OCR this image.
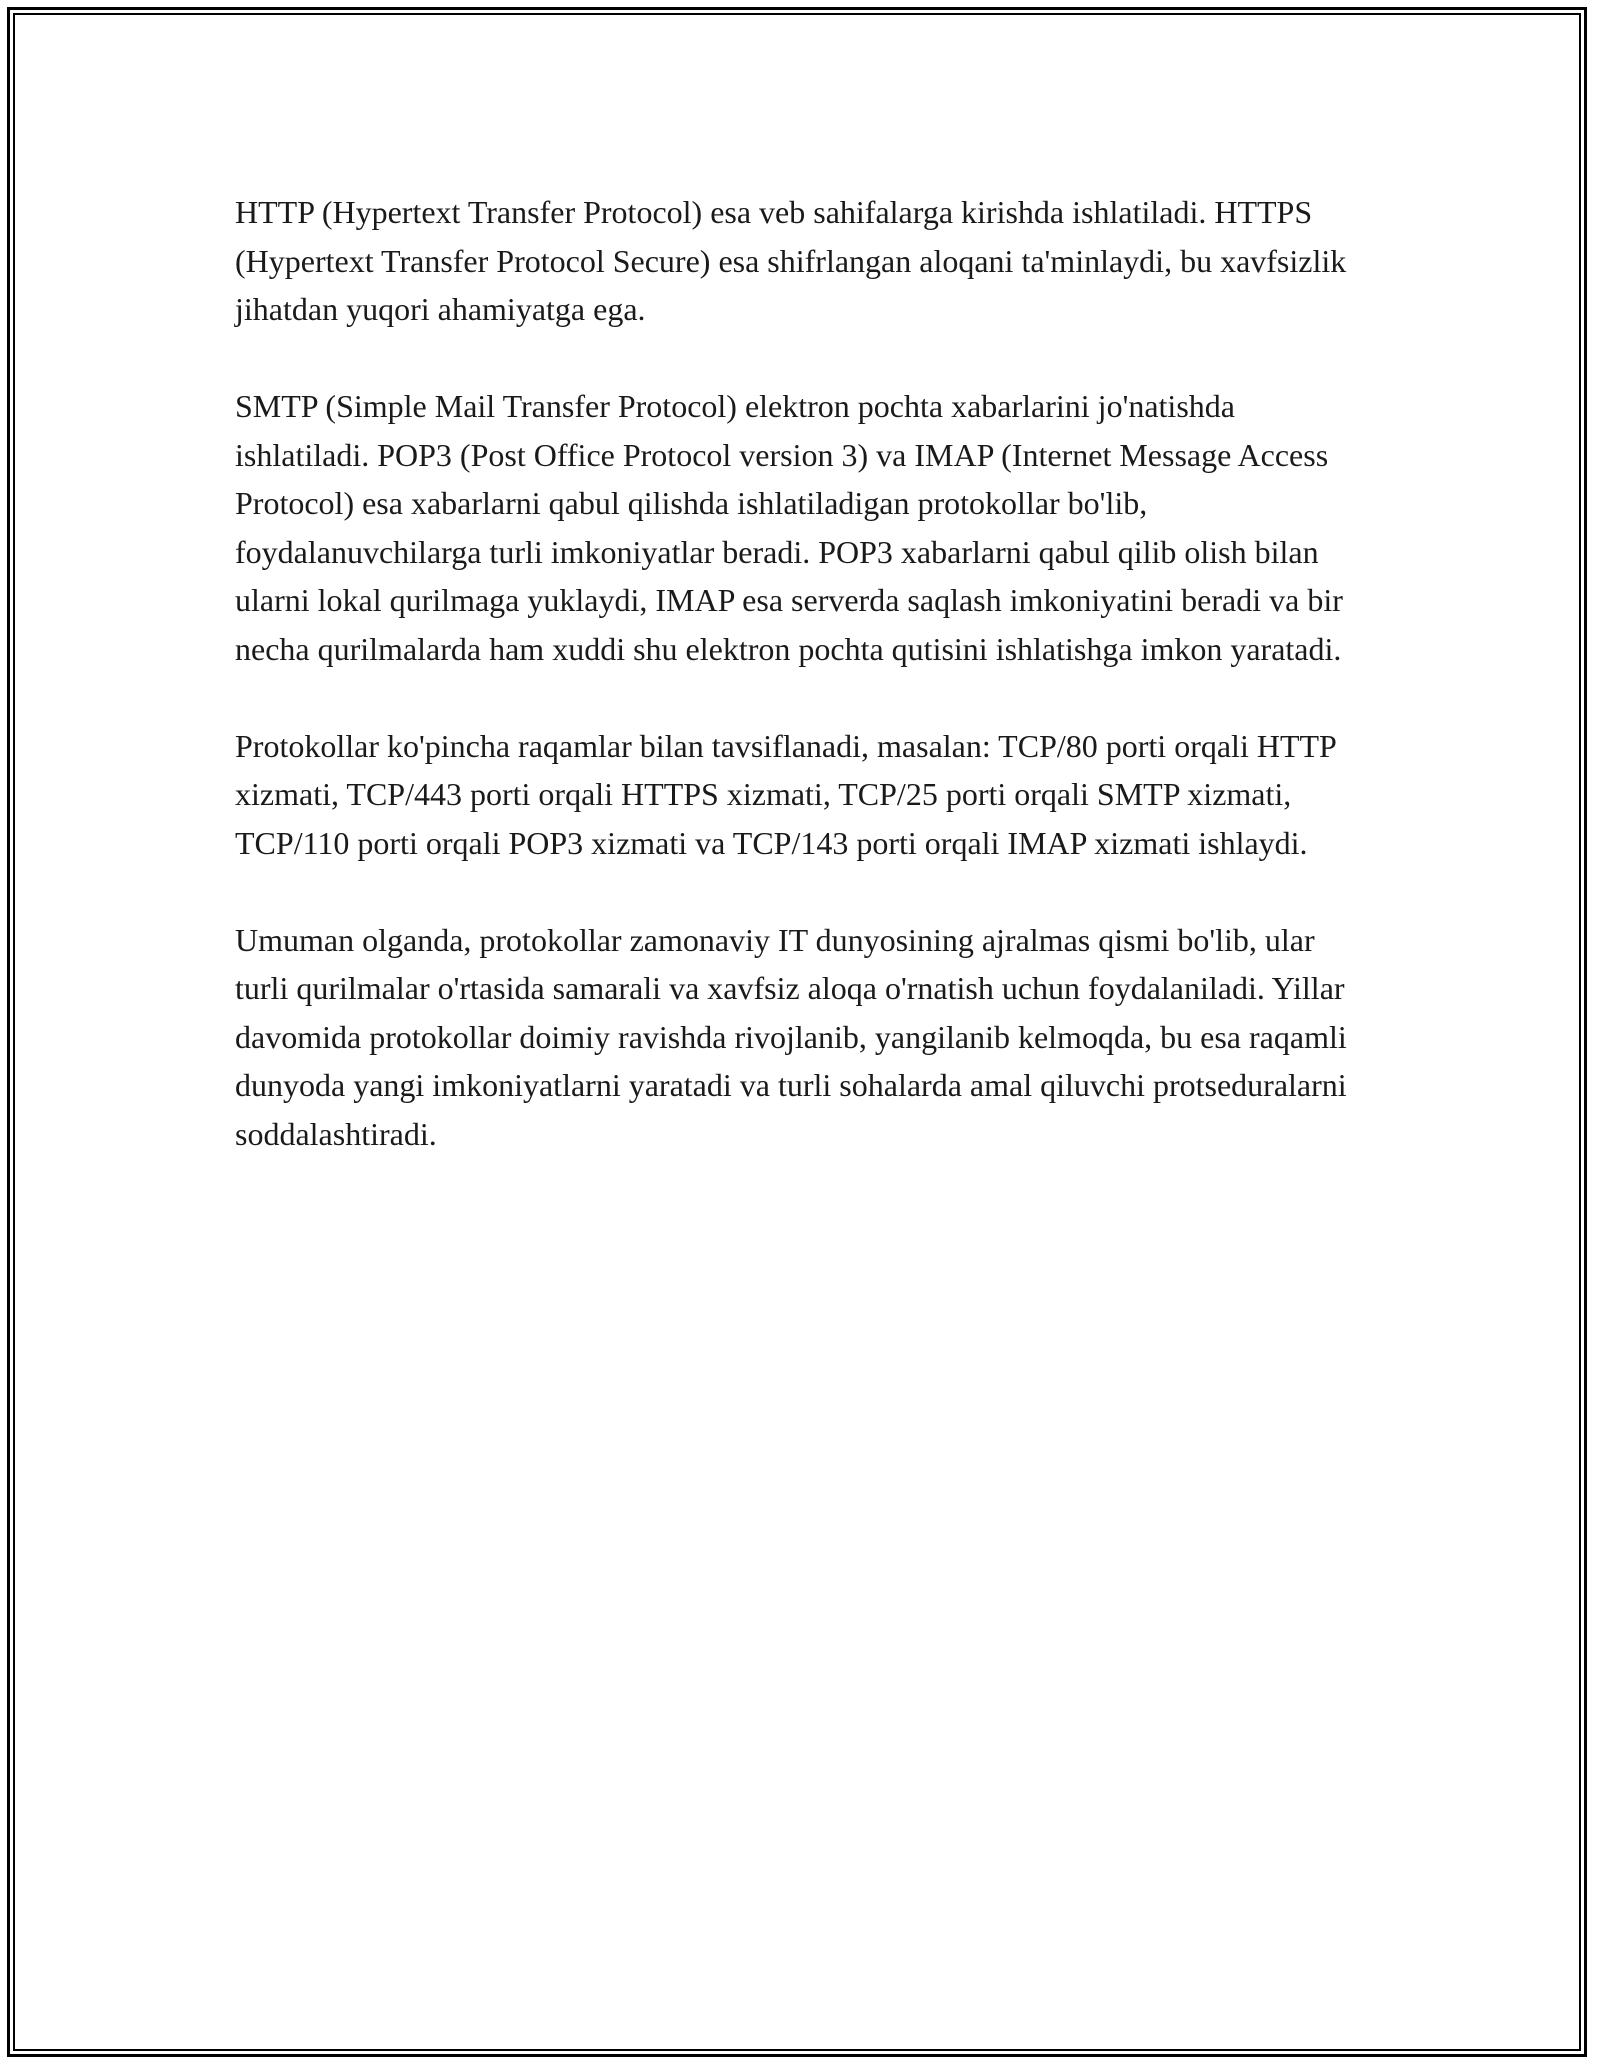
HTTP (Hypertext Transfer Protocol) esa veb sahifalarga kirishda ishlatiladi. HTTPS (Hypertext Transfer Protocol Secure) esa shifrlangan aloqani ta'minlaydi, bu xavfsizlik jihatdan yuqori ahamiyatga ega.

SMTP (Simple Mail Transfer Protocol) elektron pochta xabarlarini jo'natishda ishlatiladi. POP3 (Post Office Protocol version 3) va IMAP (Internet Message Access Protocol) esa xabarlarni qabul qilishda ishlatiladigan protokollar bo'lib, foydalanuvchilarga turli imkoniyatlar beradi. POP3 xabarlarni qabul qilib olish bilan ularni lokal qurilmaga yuklaydi, IMAP esa serverda saqlash imkoniyatini beradi va bir necha qurilmalarda ham xuddi shu elektron pochta qutisini ishlatishga imkon yaratadi.

Protokollar ko'pincha raqamlar bilan tavsiflanadi, masalan: TCP/80 porti orqali HTTP xizmati, TCP/443 porti orqali HTTPS xizmati, TCP/25 porti orqali SMTP xizmati, TCP/110 porti orqali POP3 xizmati va TCP/143 porti orqali IMAP xizmati ishlaydi.

Umuman olganda, protokollar zamonaviy IT dunyosining ajralmas qismi bo'lib, ular turli qurilmalar o'rtasida samarali va xavfsiz aloqa o'rnatish uchun foydalaniladi. Yillar davomida protokollar doimiy ravishda rivojlanib, yangilanib kelmoqda, bu esa raqamli dunyoda yangi imkoniyatlarni yaratadi va turli sohalarda amal qiluvchi protseduralarni soddalashtiradi.
